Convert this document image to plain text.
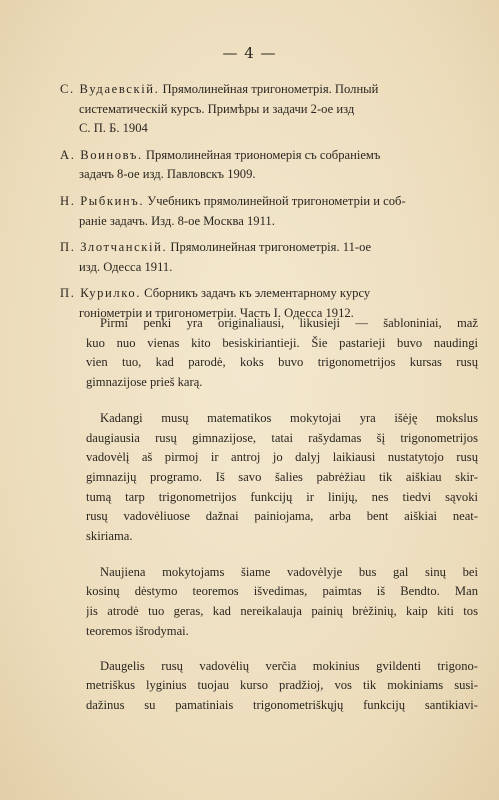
— 4 —
С. Вудаевскій. Прямолинейная тригонометрія. Полный
систематическій курсъ. Примѣры и задачи 2-ое изд
С. П. Б. 1904
А. Воиновъ. Прямолинейная триономерія съ собраніемъ
задачъ 8-ое изд. Павловскъ 1909.
Н. Рыбкинъ. Учебникъ прямолинейной тригонометріи и соб-
раніе задачъ. Изд. 8-ое Москва 1911.
П. Злотчанскій. Прямолинейная тригонометрія. 11-ое
изд. Одесса 1911.
П. Курилко. Сборникъ задачъ къ элементарному курсу
гоніометріи и тригонометріи. Часть I. Одесса 1912.
Pirmi penki yra originaliausi, likusieji — šabloniniai, maž
kuo nuo vienas kito besiskiriantieji. Šie pastarieji buvo naudingi
vien tuo, kad parodė, koks buvo trigonometrijos kursas rusų
gimnazijose prieš karą.
Kadangi musų matematikos mokytojai yra išėję mokslus
daugiausia rusų gimnazijose, tatai rašydamas šį trigonometrijos
vadovėlį aš pirmoj ir antroj jo dalyj laikiausi nustatytojo rusų
gimnazijų programo. Iš savo šalies pabrėžiau tik aiškiau skir-
tumą tarp trigonometrijos funkcijų ir linijų, nes tiedvi sąvoki
rusų vadovėliuose dažnai painiojama, arba bent aiškiai neat-
skiriama.
Naujiena mokytojams šiame vadovėlyje bus gal sinų bei
kosinų dėstymo teoremos išvedimas, paimtas iš Bendto. Man
jis atrodė tuo geras, kad nereikalauja painių brėžinių, kaip kiti tos
teoremos išrodymai.
Daugelis rusų vadovėlių verčia mokinius gvildenti trigono-
metriškus lyginius tuojau kurso pradžioj, vos tik mokiniams susi-
dažinus su pamatiniais trigonometriškųjų funkcijų santikiavi-
